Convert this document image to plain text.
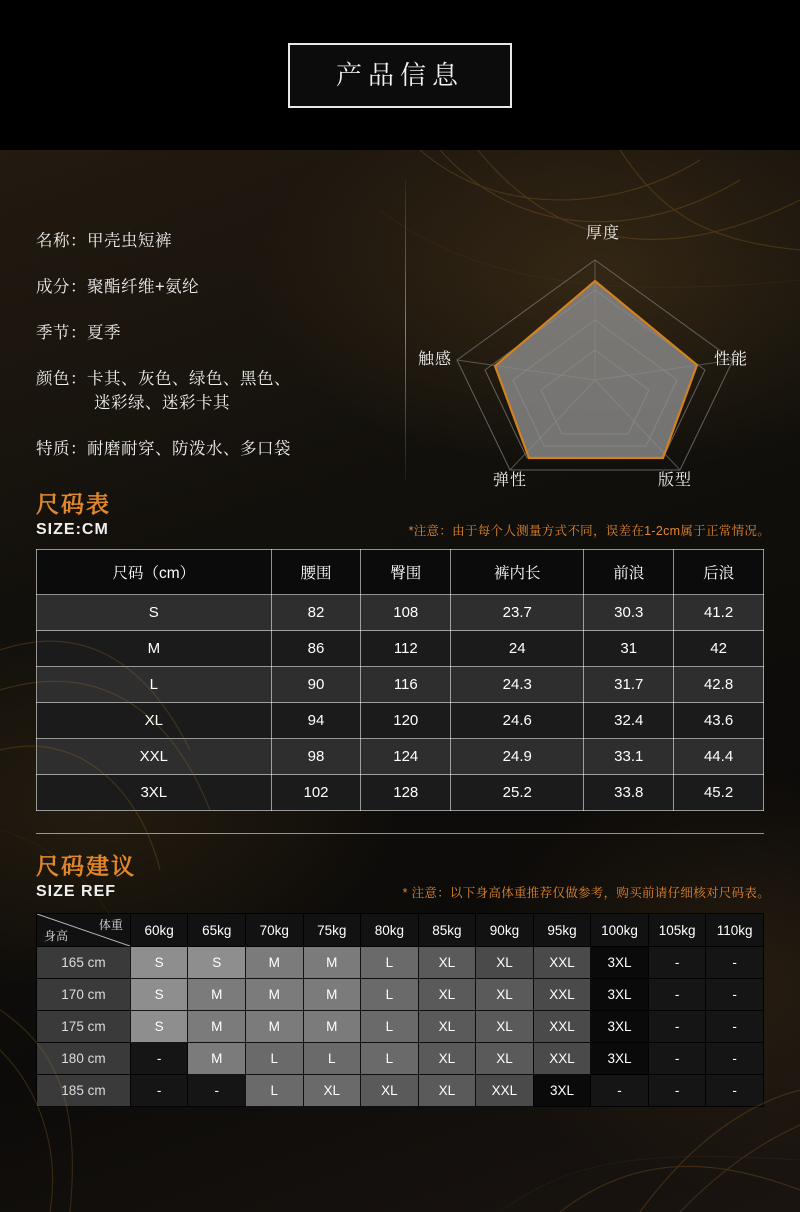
产品信息
名称：甲壳虫短裤
成分：聚酯纤维+氨纶
季节：夏季
颜色：卡其、灰色、绿色、黑色、
迷彩绿、迷彩卡其
特质：耐磨耐穿、防泼水、多口袋
厚度
性能
版型
弹性
触感
尺码表
SIZE:CM	*注意：由于每个人测量方式不同，误差在1-2cm属于正常情况。
尺码（cm）	腰围	臀围	裤内长	前浪	后浪
S	82	108	23.7	30.3	41.2
M	86	112	24	31	42
L	90	116	24.3	31.7	42.8
XL	94	120	24.6	32.4	43.6
XXL	98	124	24.9	33.1	44.4
3XL	102	128	25.2	33.8	45.2
尺码建议
SIZE REF	* 注意：以下身高体重推荐仅做参考，购买前请仔细核对尺码表。
体重
身高	60kg	65kg	70kg	75kg	80kg	85kg	90kg	95kg	100kg	105kg	110kg
165 cm	S	S	M	M	L	XL	XL	XXL	3XL	-	-
170 cm	S	M	M	M	L	XL	XL	XXL	3XL	-	-
175 cm	S	M	M	M	L	XL	XL	XXL	3XL	-	-
180 cm	-	M	L	L	L	XL	XL	XXL	3XL	-	-
185 cm	-	-	L	XL	XL	XL	XXL	3XL	-	-	-
